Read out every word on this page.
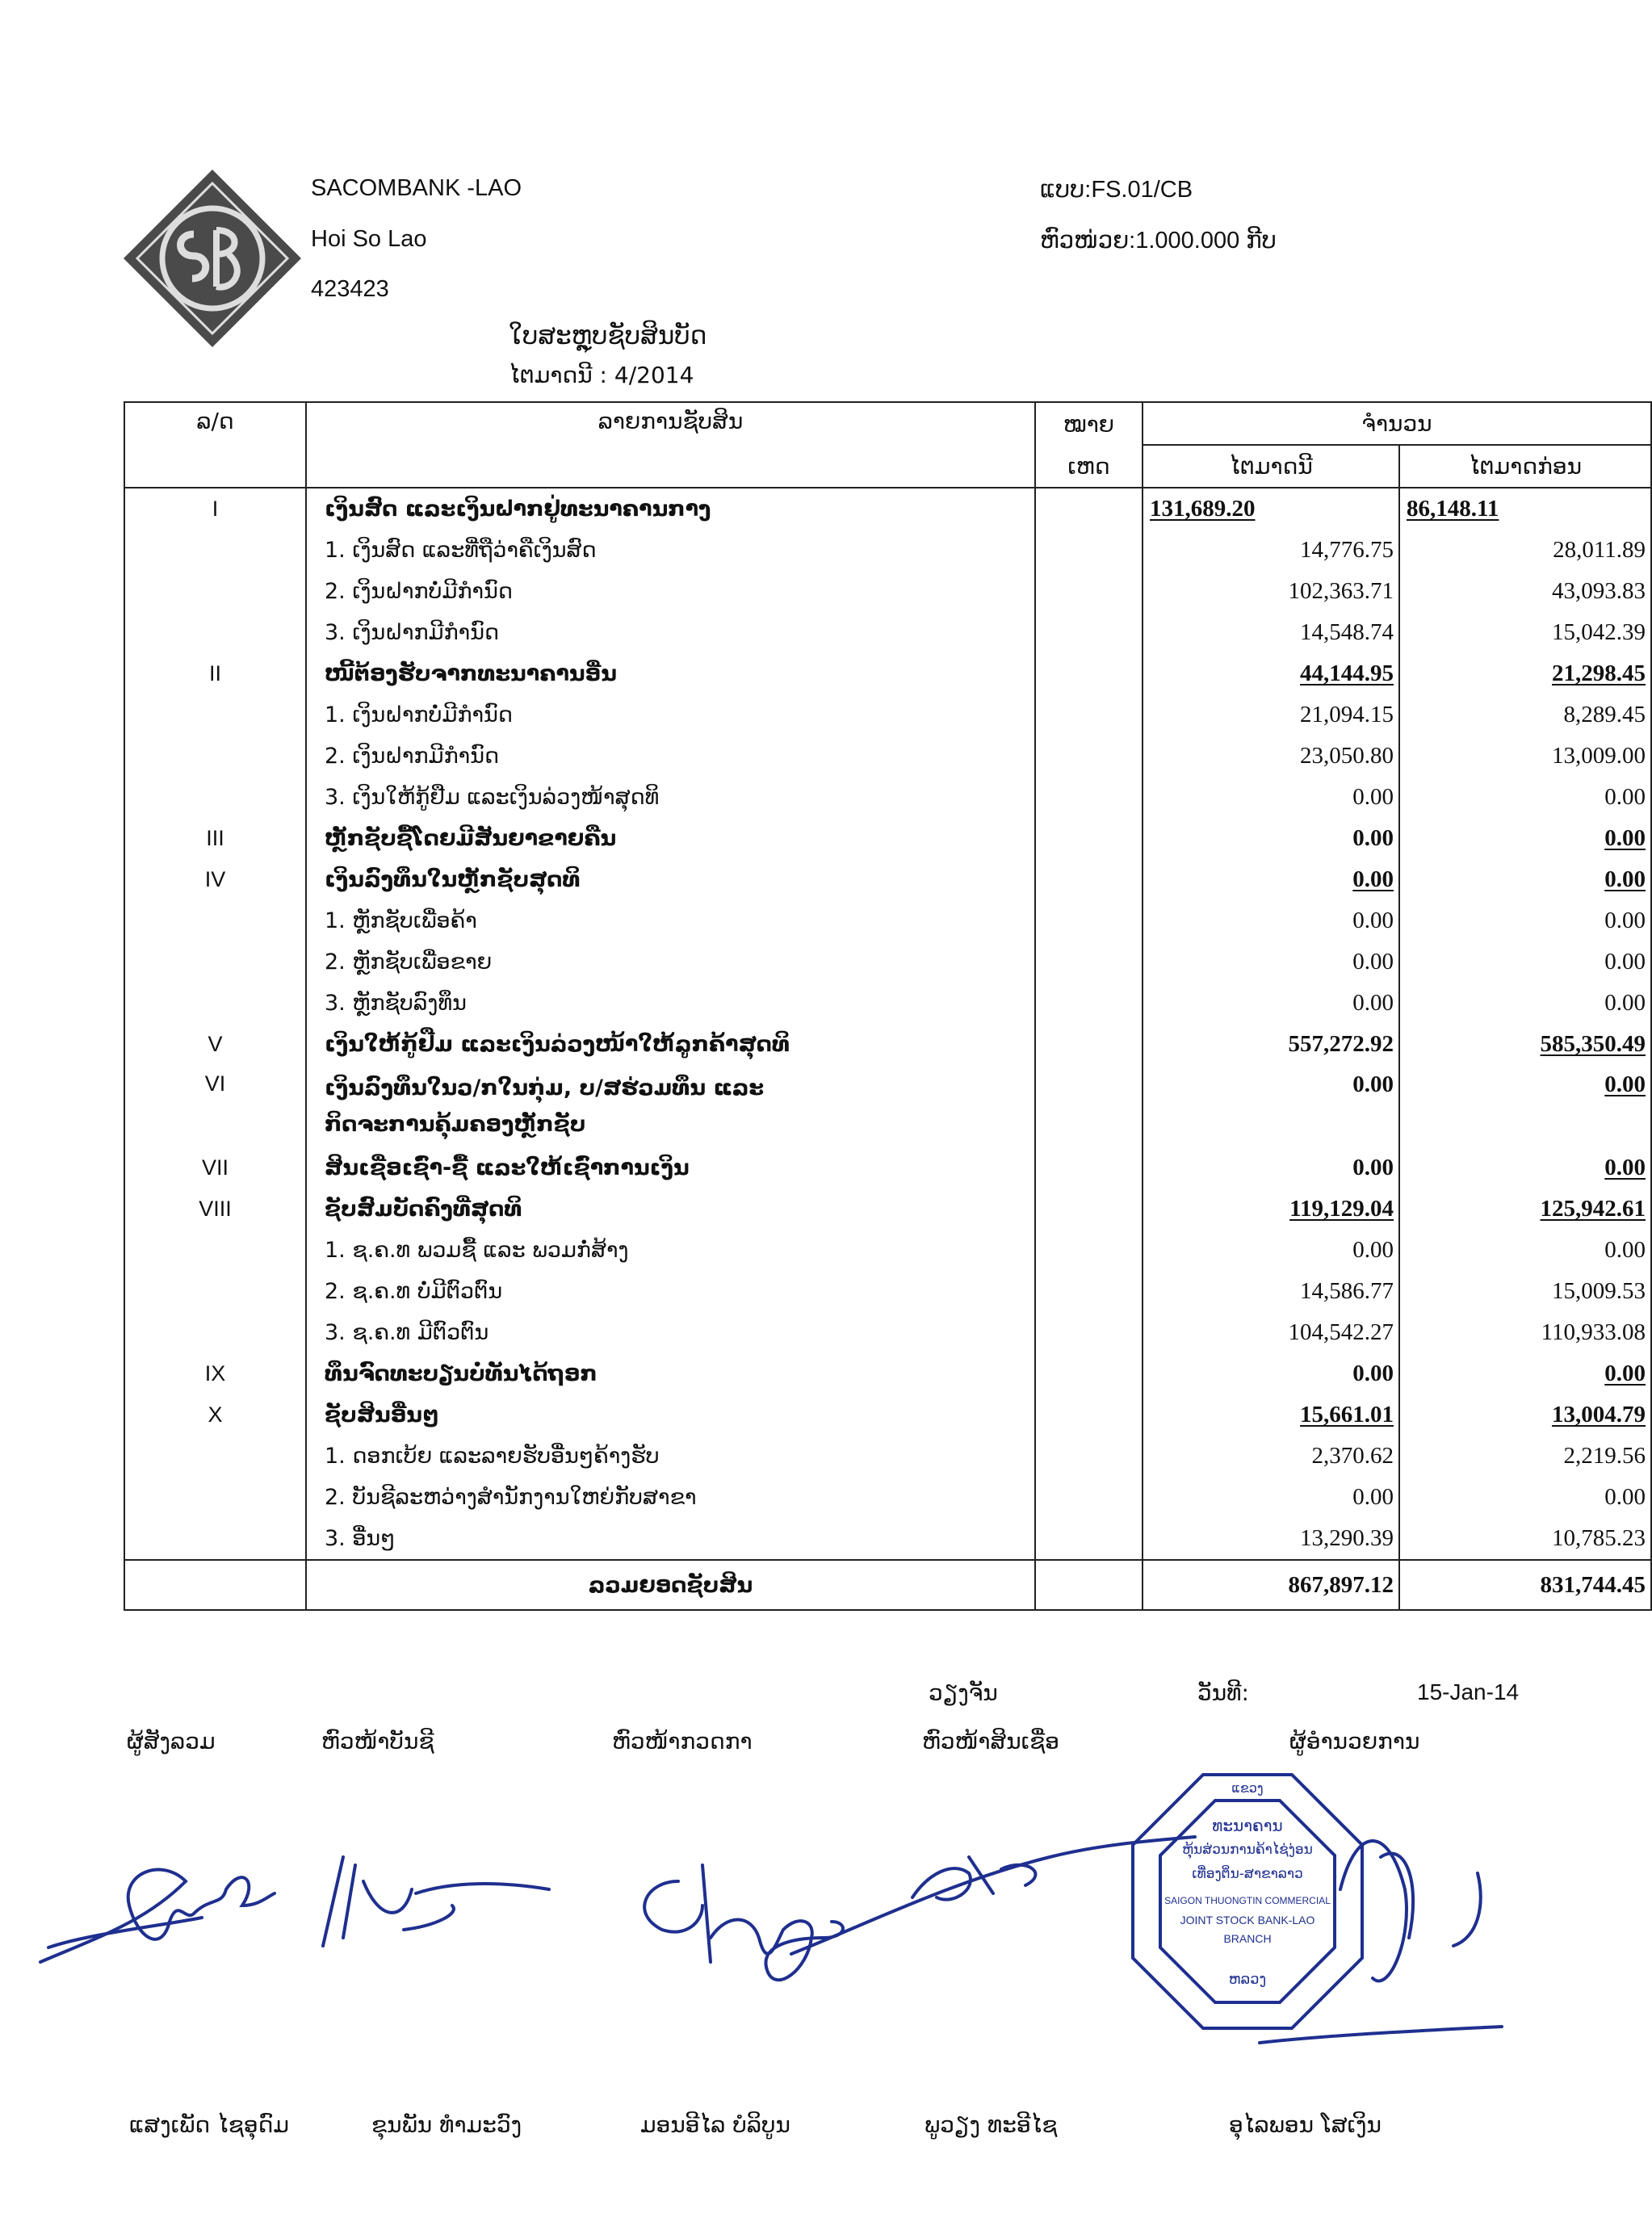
SACOMBANK -LAO
Hoi So Lao
423423
ແບບ:FS.01/CB
ຫົວໜ່ວຍ:1.000.000 ກີບ
ໃບສະຫຼຸບຊັບສິນບັດ
ໄຕມາດນີ : 4/2014
ລ/ດ	ລາຍການຊັບສິນ	ໝາຍ	ຈຳນວນ	
		ເຫດ	ໄຕມາດນີ	ໄຕມາດກ່ອນ
I	ເງິນສົດ ແລະເງິນຝາກຢູ່ທະນາຄານກາງ		131,689.20	86,148.11

	1. ເງິນສົດ ແລະທີ່ຖືວ່າຄືເງິນສົດ		14,776.75	28,011.89

	2. ເງິນຝາກບໍ່ມີກຳນົດ		102,363.71	43,093.83

	3. ເງິນຝາກມີກຳນົດ		14,548.74	15,042.39
II	ໜີ້ຕ້ອງຮັບຈາກທະນາຄານອື່ນ		44,144.95	21,298.45

	1. ເງິນຝາກບໍ່ມີກຳນົດ		21,094.15	8,289.45

	2. ເງິນຝາກມີກຳນົດ		23,050.80	13,009.00

	3. ເງິນໃຫ້ກູ້ຢືມ ແລະເງິນລ່ວງໜ້າສຸດທິ		0.00	0.00
III	ຫຼັກຊັບຊື້ໂດຍມີສັນຍາຂາຍຄືນ		0.00	0.00
IV	ເງິນລົງທຶນໃນຫຼັກຊັບສຸດທິ		0.00	0.00

	1. ຫຼັກຊັບເພື່ອຄ້າ		0.00	0.00

	2. ຫຼັກຊັບເພື່ອຂາຍ		0.00	0.00

	3. ຫຼັກຊັບລົງທຶນ		0.00	0.00
V	ເງິນໃຫ້ກູ້ຢືມ ແລະເງິນລ່ວງໜ້າໃຫ້ລູກຄ້າສຸດທິ		557,272.92	585,350.49
VI	ເງິນລົງທຶນໃນວ/ກໃນກຸ່ມ, ບ/ສຮ່ວມທຶນ ແລະ
ກິດຈະການຄຸ້ມຄອງຫຼັກຊັບ		0.00	0.00
VII	ສິນເຊື່ອເຊົ່າ-ຊື້ ແລະໃຫ້ເຊົ່າການເງິນ		0.00	0.00
VIII	ຊັບສົມບັດຄົງທີ່ສຸດທິ		119,129.04	125,942.61

	1. ຊ.ຄ.ທ ພວມຊື້ ແລະ ພວມກໍ່ສ້າງ		0.00	0.00

	2. ຊ.ຄ.ທ ບໍ່ມີຕົວຕົນ		14,586.77	15,009.53

	3. ຊ.ຄ.ທ ມີຕົວຕົນ		104,542.27	110,933.08
IX	ທຶນຈົດທະບຽນບໍ່ທັນໄດ້ຖອກ		0.00	0.00
X	ຊັບສິນອື່ນໆ		15,661.01	13,004.79

	1. ດອກເບ້ຍ ແລະລາຍຮັບອື່ນໆຄ້າງຮັບ		2,370.62	2,219.56

	2. ບັນຊີລະຫວ່າງສຳນັກງານໃຫຍ່ກັບສາຂາ		0.00	0.00

	3. ອື່ນໆ		13,290.39	10,785.23
	ລວມຍອດຊັບສິນ		867,897.12	831,744.45
ວຽງຈັນ	ວັນທີ:	15-Jan-14
ຜູ້ສັງລວມ	ຫົວໜ້າບັນຊີ	ຫົວໜ້າກວດກາ	ຫົວໜ້າສິນເຊື່ອ	ຜູ້ອຳນວຍການ
ແຂວງ
ທະນາຄານ
ຫຸ້ນສ່ວນການຄ້າໄຊ່ງ່ອນ
ເທື່ອງຕິ່ນ-ສາຂາລາວ
SAIGON THUONGTIN COMMERCIAL
JOINT STOCK BANK-LAO
BRANCH
ຫລວງ
ແສງເພັດ ໄຊອຸດົມ	ຂຸນພັນ ທຳມະວົງ	ມອນອີໄລ ບໍລິບູນ	ພູວຽງ ທະອີໄຊ	ອຸໄລພອນ ໂສເງິນ
